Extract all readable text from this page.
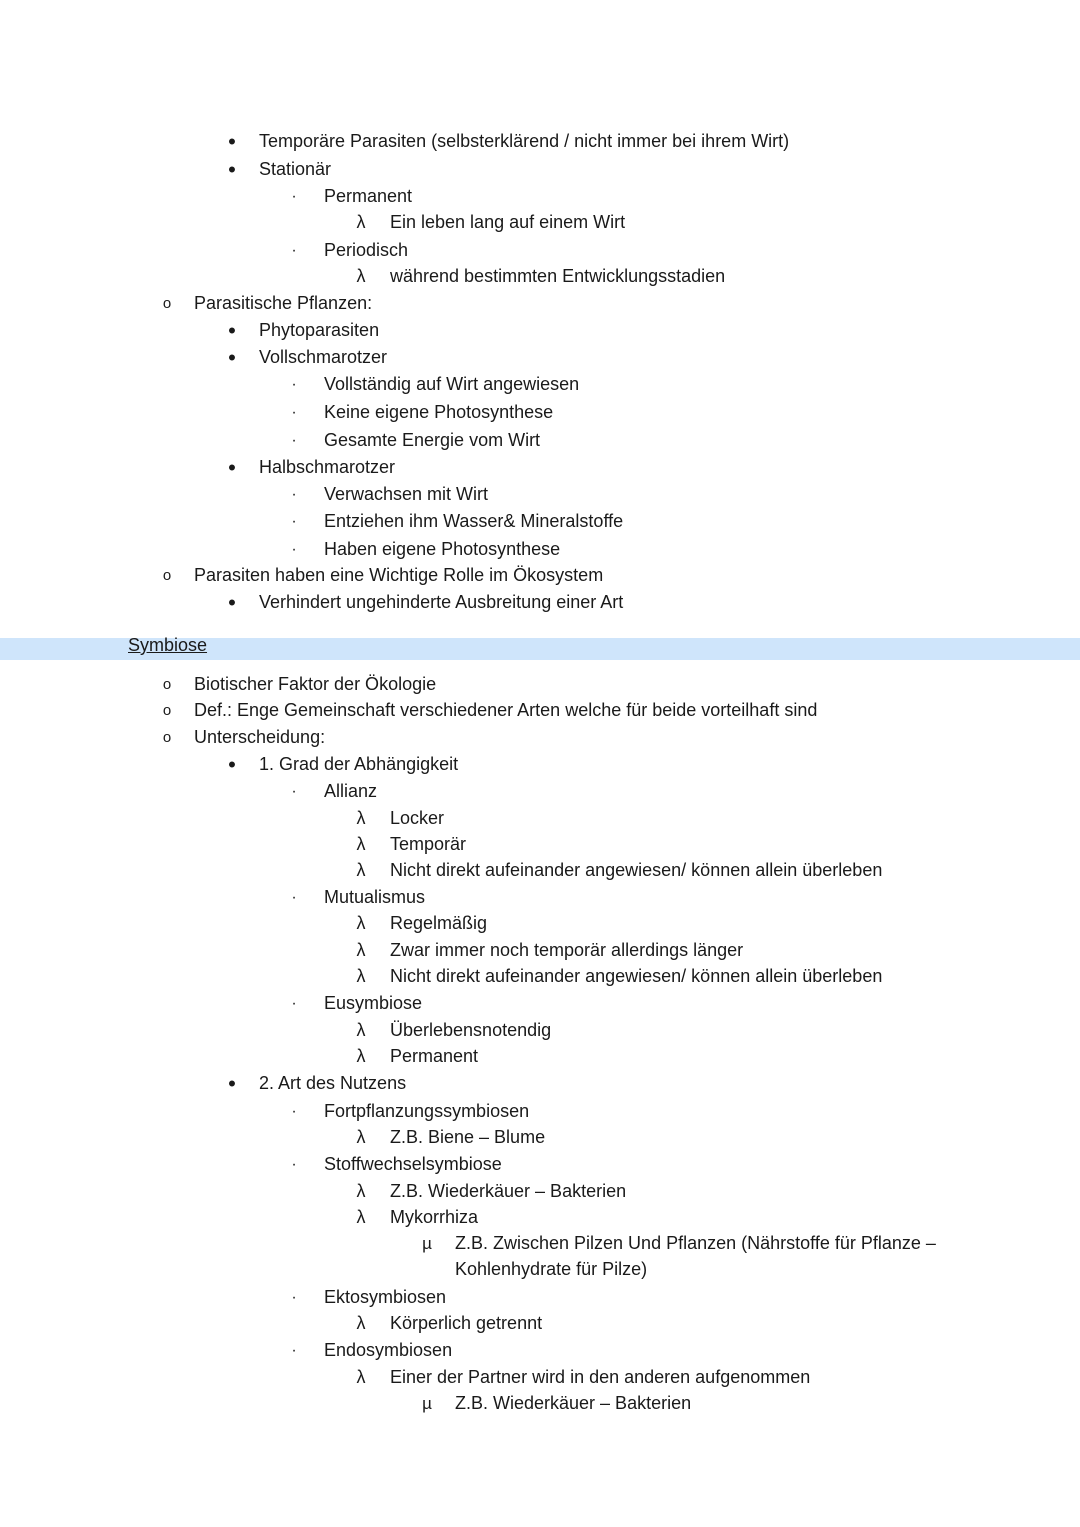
•	Temporäre Parasiten (selbsterklärend / nicht immer bei ihrem Wirt)
•	Stationär
·	Permanent
λ	Ein leben lang auf einem Wirt
·	Periodisch
λ	während bestimmten Entwicklungsstadien
o	Parasitische Pflanzen:
•	Phytoparasiten
•	Vollschmarotzer
·	Vollständig auf Wirt angewiesen
·	Keine eigene Photosynthese
·	Gesamte Energie vom Wirt
•	Halbschmarotzer
·	Verwachsen mit Wirt
·	Entziehen ihm Wasser& Mineralstoffe
·	Haben eigene Photosynthese
o	Parasiten haben eine Wichtige Rolle im Ökosystem
•	Verhindert ungehinderte Ausbreitung einer Art
Symbiose
o	Biotischer Faktor der Ökologie
o	Def.: Enge Gemeinschaft verschiedener Arten welche für beide vorteilhaft sind
o	Unterscheidung:
•	1. Grad der Abhängigkeit
·	Allianz
λ	Locker
λ	Temporär
λ	Nicht direkt aufeinander angewiesen/ können allein überleben
·	Mutualismus
λ	Regelmäßig
λ	Zwar immer noch temporär allerdings länger
λ	Nicht direkt aufeinander angewiesen/ können allein überleben
·	Eusymbiose
λ	Überlebensnotendig
λ	Permanent
•	2. Art des Nutzens
·	Fortpflanzungssymbiosen
λ	Z.B. Biene – Blume
·	Stoffwechselsymbiose
λ	Z.B. Wiederkäuer – Bakterien
λ	Mykorrhiza
µ Z.B. Zwischen Pilzen Und Pflanzen (Nährstoffe für Pflanze –
Kohlenhydrate für Pilze)
·	Ektosymbiosen
λ	Körperlich getrennt
·	Endosymbiosen
λ	Einer der Partner wird in den anderen aufgenommen
µ Z.B. Wiederkäuer – Bakterien
